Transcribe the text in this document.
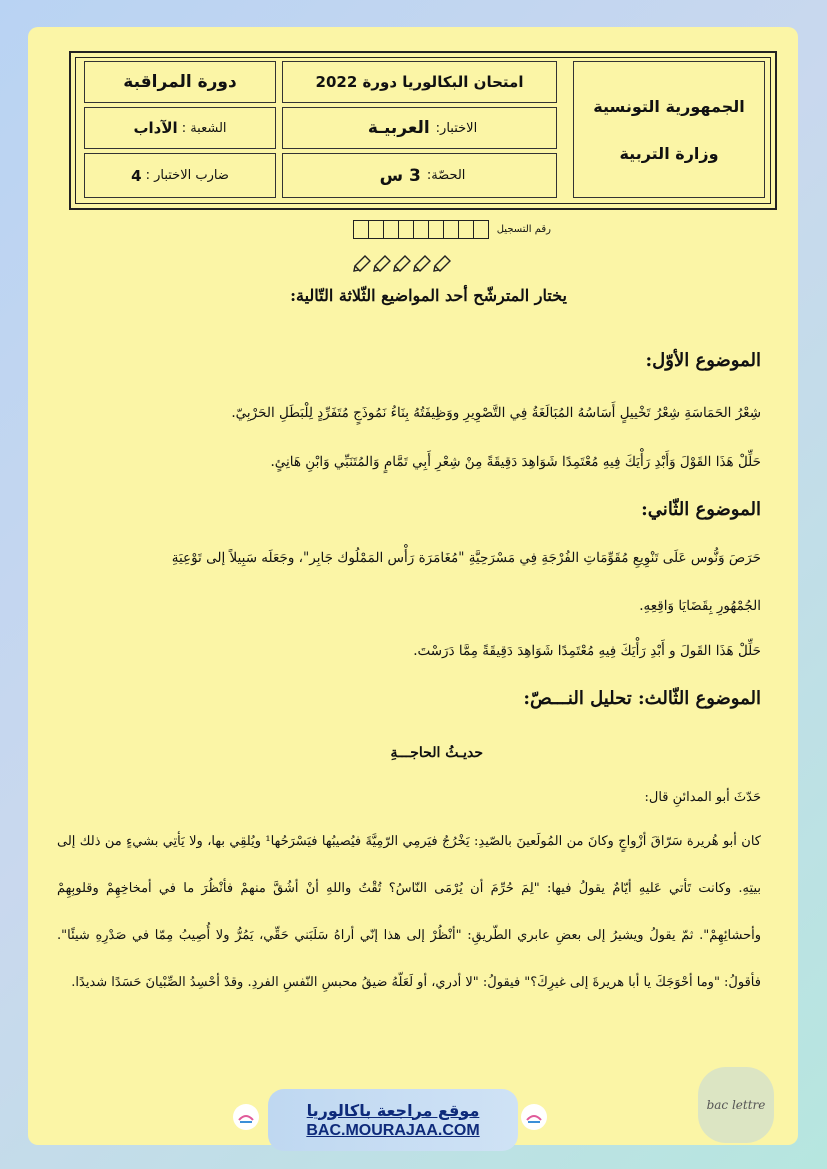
الجمهورية التونسية
وزارة التربية
امتحان البكالوريا دورة 2022
الاختبار:
العربيـة
الحصّة:
3 س
دورة المراقبة
الشعبة :
الآداب
ضارب الاختبار :
4
رقم التسجيل
يختار المترشّح أحد المواضيع الثّلاثة التّالية:
الموضوع الأوّل:
شِعْرُ الحَمَاسَةِ شِعْرُ تَخْييلٍ أَسَاسُهُ المُبَالَغَةُ فِي التَّصْوِيرِ ووَظِيفَتُهُ بِنَاءُ نَمُوذَجٍ مُتَفَرِّدٍ لِلْبَطَلِ الحَرْبِيّ.
حَلِّلْ هَذَا القَوْلَ وَأَبْدِ رَأْيَكَ فِيهِ مُعْتَمِدًا شَوَاهِدَ دَقِيقَةً مِنْ شِعْرِ أَبِي تَمَّامٍ وَالمُتَنَبِّي وَابْنِ هَانِئٍ.
الموضوع الثّاني:
حَرَصَ وَنُّوس عَلَى تَنْوِيعِ مُقَوِّمَاتِ الفُرْجَةِ فِي مَسْرَحِيَّةِ "مُغَامَرَة رَأْس المَمْلُوك جَابِر"، وجَعَلَه سَبِيلاً إلى تَوْعِيَةِ
الجُمْهُورِ بِقَضَايَا وَاقِعِهِ.
حَلِّلْ هَذَا القَولَ و أَبْدِ رَأْيَكَ فِيهِ مُعْتَمِدًا شَوَاهِدَ دَقِيقَةً مِمَّا دَرَسْتَ.
الموضوع الثّالث: تحليل النـــصّ:
حديـثُ الحاجـــةِ
حَدّثَ أبو المدائنِ قال:
كان أبو هُريرة سَرّاقَ أزْواجٍ وكانَ من المُولَعينَ بالصّيدِ: يَخْرُجُ فيَرمِي الرّمِيَّةَ فيُصيبُها فيَسْرَحُها¹ ويُلقِي بها، ولا يَأتِي بشيءٍ من ذلك إلى بيتِهِ. وكانت تَأتي عَليهِ أيّامٌ يقولُ فيها: "لِمَ حُرِّمَ أن يُرْمَى النّاسُ؟ تُقْتُ واللهِ أنْ أشُقَّ منهمْ فأنْظُرَ ما في أمخاخِهِمْ وقلوبِهِمْ وأحشائِهِمْ". ثمّ يقولُ ويشيرُ إلى بعضِ عابري الطّريقِ: "أنْظُرْ إلى هذا إنّي أراهُ سَلَبَني حَقِّي، يَمُرُّ ولا أُصِيبُ مِمّا في صَدْرِهِ شيئًا". فأقولُ: "وما أحْوَجَكَ يا أبا هريرةَ إلى غيرِكَ؟" فيقولُ: "لا أدري، أو لَعَلّهُ ضيقُ محبسِ النّفسِ الفردِ. وقدْ أحْسِدُ الصِّبْيانَ حَسَدًا شديدًا.
موقع مراجعة باكالوريا
BAC.MOURAJAA.COM
bac lettre
